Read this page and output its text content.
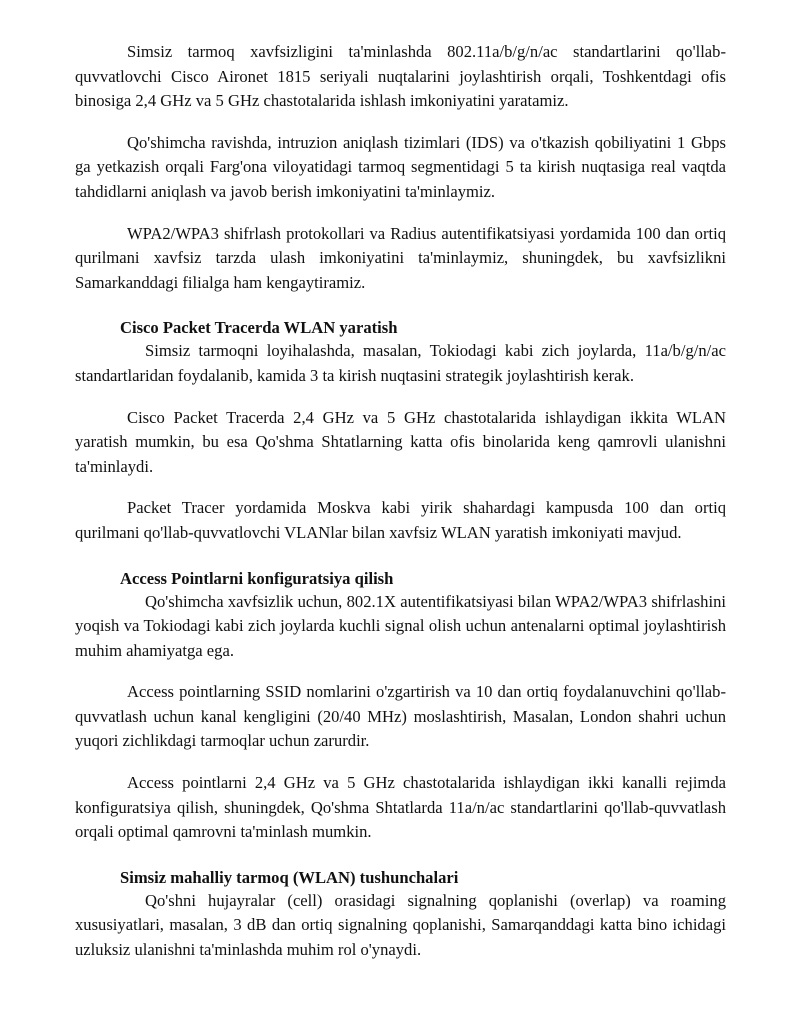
Simsiz tarmoq xavfsizligini ta'minlashda 802.11a/b/g/n/ac standartlarini qo'llab-quvvatlovchi Cisco Aironet 1815 seriyali nuqtalarini joylashtirish orqali, Toshkentdagi ofis binosiga 2,4 GHz va 5 GHz chastotalarida ishlash imkoniyatini yaratamiz.

Qo'shimcha ravishda, intruzion aniqlash tizimlari (IDS) va o'tkazish qobiliyatini 1 Gbps ga yetkazish orqali Farg'ona viloyatidagi tarmoq segmentidagi 5 ta kirish nuqtasiga real vaqtda tahdidlarni aniqlash va javob berish imkoniyatini ta'minlaymiz.

WPA2/WPA3 shifrlash protokollari va Radius autentifikatsiyasi yordamida 100 dan ortiq qurilmani xavfsiz tarzda ulash imkoniyatini ta'minlaymiz, shuningdek, bu xavfsizlikni Samarkanddagi filialga ham kengaytiramiz.

Cisco Packet Tracerda WLAN yaratish

Simsiz tarmoqni loyihalashda, masalan, Tokiodagi kabi zich joylarda, 11a/b/g/n/ac standartlaridan foydalanib, kamida 3 ta kirish nuqtasini strategik joylashtirish kerak.

Cisco Packet Tracerda 2,4 GHz va 5 GHz chastotalarida ishlaydigan ikkita WLAN yaratish mumkin, bu esa Qo'shma Shtatlarning katta ofis binolarida keng qamrovli ulanishni ta'minlaydi.

Packet Tracer yordamida Moskva kabi yirik shahardagi kampusda 100 dan ortiq qurilmani qo'llab-quvvatlovchi VLANlar bilan xavfsiz WLAN yaratish imkoniyati mavjud.

Access Pointlarni konfiguratsiya qilish

Qo'shimcha xavfsizlik uchun, 802.1X autentifikatsiyasi bilan WPA2/WPA3 shifrlashini yoqish va Tokiodagi kabi zich joylarda kuchli signal olish uchun antenalarni optimal joylashtirish muhim ahamiyatga ega.

Access pointlarning SSID nomlarini o'zgartirish va 10 dan ortiq foydalanuvchini qo'llab-quvvatlash uchun kanal kengligini (20/40 MHz) moslashtirish, Masalan, London shahri uchun yuqori zichlikdagi tarmoqlar uchun zarurdir.

Access pointlarni 2,4 GHz va 5 GHz chastotalarida ishlaydigan ikki kanalli rejimda konfiguratsiya qilish, shuningdek, Qo'shma Shtatlarda 11a/n/ac standartlarini qo'llab-quvvatlash orqali optimal qamrovni ta'minlash mumkin.

Simsiz mahalliy tarmoq (WLAN) tushunchalari

Qo'shni hujayralar (cell) orasidagi signalning qoplanishi (overlap) va roaming xususiyatlari, masalan, 3 dB dan ortiq signalning qoplanishi, Samarqanddagi katta bino ichidagi uzluksiz ulanishni ta'minlashda muhim rol o'ynaydi.
